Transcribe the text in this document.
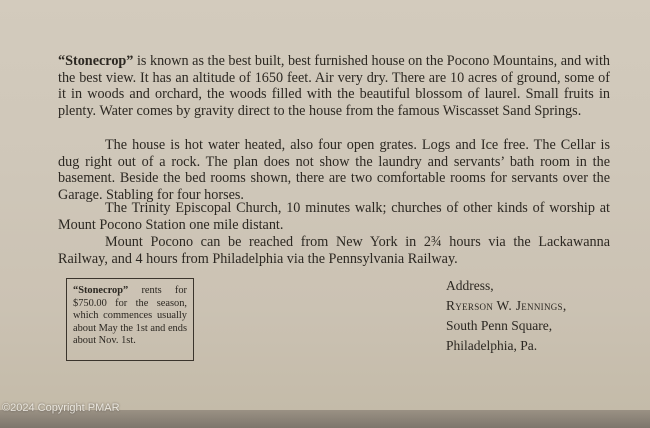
“Stonecrop” is known as the best built, best furnished house on the Pocono Mountains, and with the best view. It has an altitude of 1650 feet. Air very dry. There are 10 acres of ground, some of it in woods and orchard, the woods filled with the beautiful blossom of laurel. Small fruits in plenty. Water comes by gravity direct to the house from the famous Wiscasset Sand Springs.

The house is hot water heated, also four open grates. Logs and Ice free. The Cellar is dug right out of a rock. The plan does not show the laundry and servants’ bath room in the basement. Beside the bed rooms shown, there are two comfortable rooms for servants over the Garage. Stabling for four horses.

The Trinity Episcopal Church, 10 minutes walk; churches of other kinds of worship at Mount Pocono Station one mile distant.

Mount Pocono can be reached from New York in 2¾ hours via the Lackawanna Railway, and 4 hours from Philadelphia via the Pennsylvania Railway.

“Stonecrop” rents for $750.00 for the season, which commences usually about May the 1st and ends about Nov. 1st.
Address,
Ryerson W. Jennings,
South Penn Square,
Philadelphia, Pa.
©2024 Copyright PMAR
